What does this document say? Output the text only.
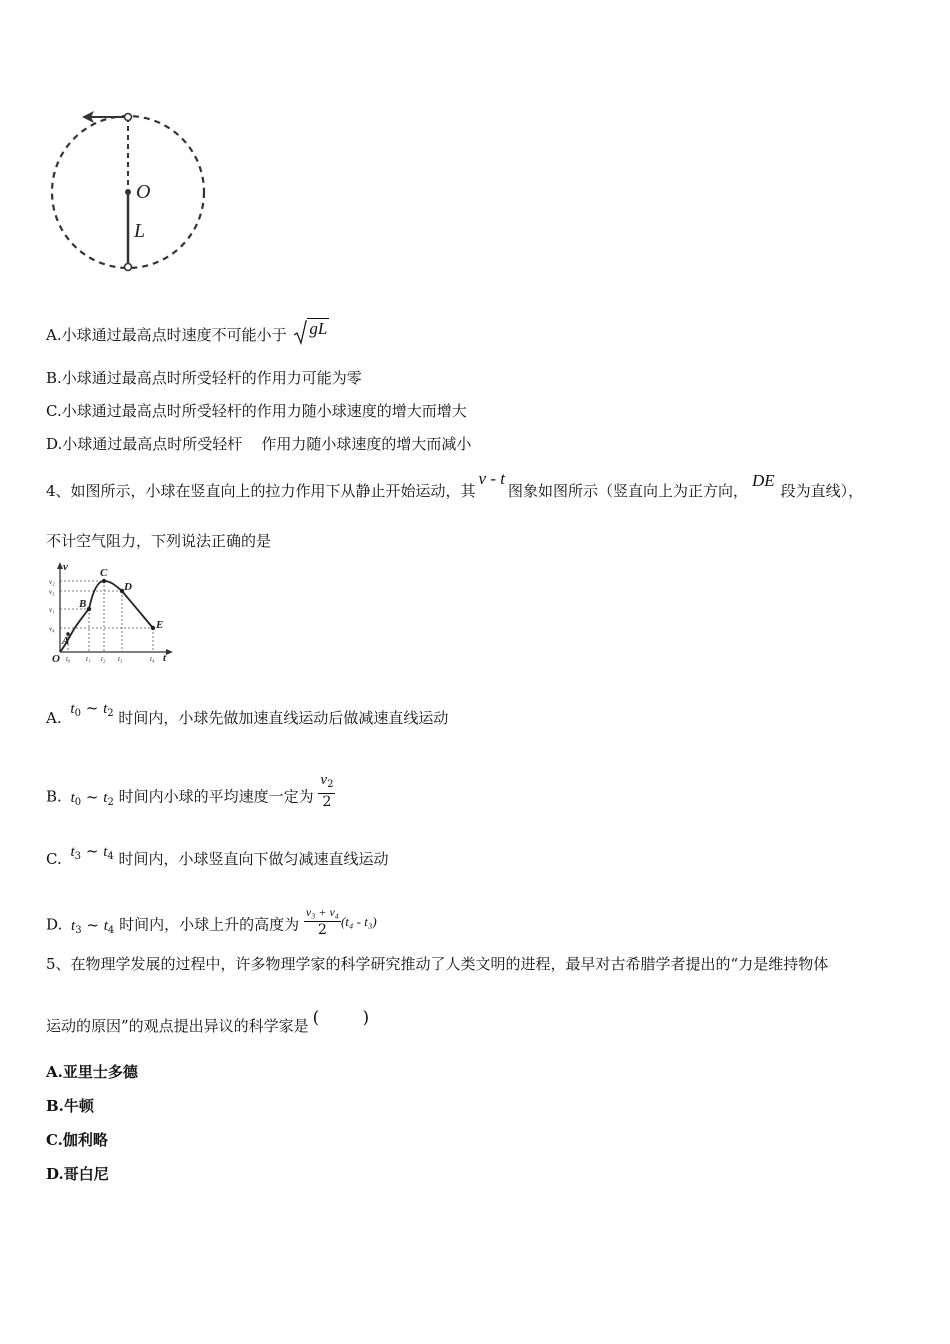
O
L
A.小球通过最高点时速度不可能小于 gL
B.小球通过最高点时所受轻杆的作用力可能为零
C.小球通过最高点时所受轻杆的作用力随小球速度的增大而增大
D.小球通过最高点时所受轻杆    作用力随小球速度的增大而减小
4、如图所示，小球在竖直向上的拉力作用下从静止开始运动，其v - t图象如图所示（竖直向上为正方向，DE段为直线），
不计空气阻力，下列说法正确的是
v
t
O
A
B
C
D
E
v₂
v₃
v₁
v₄
t₀ t₁ t₂ t₃	t₄
A. $t_0$ ~ $t_2$ 时间内，小球先做加速直线运动后做减速直线运动
B. $t_0$ ~ $t_2$ 时间内小球的平均速度一定为 $\frac{v_2}{2}$
C. $t_3$ ~ $t_4$ 时间内，小球竖直向下做匀减速直线运动
D. $t_3$ ~ $t_4$ 时间内，小球上升的高度为 $\frac{\text{v₃ + v₄}}{2} (t_4 - t_3)$
5、在物理学发展的过程中，许多物理学家的科学研究推动了人类文明的进程，最早对古希腊学者提出的“力是维持物体
运动的原因”的观点提出异议的科学家是 (        )
A.亚里士多德
B.牛顿
C.伽利略
D.哥白尼
